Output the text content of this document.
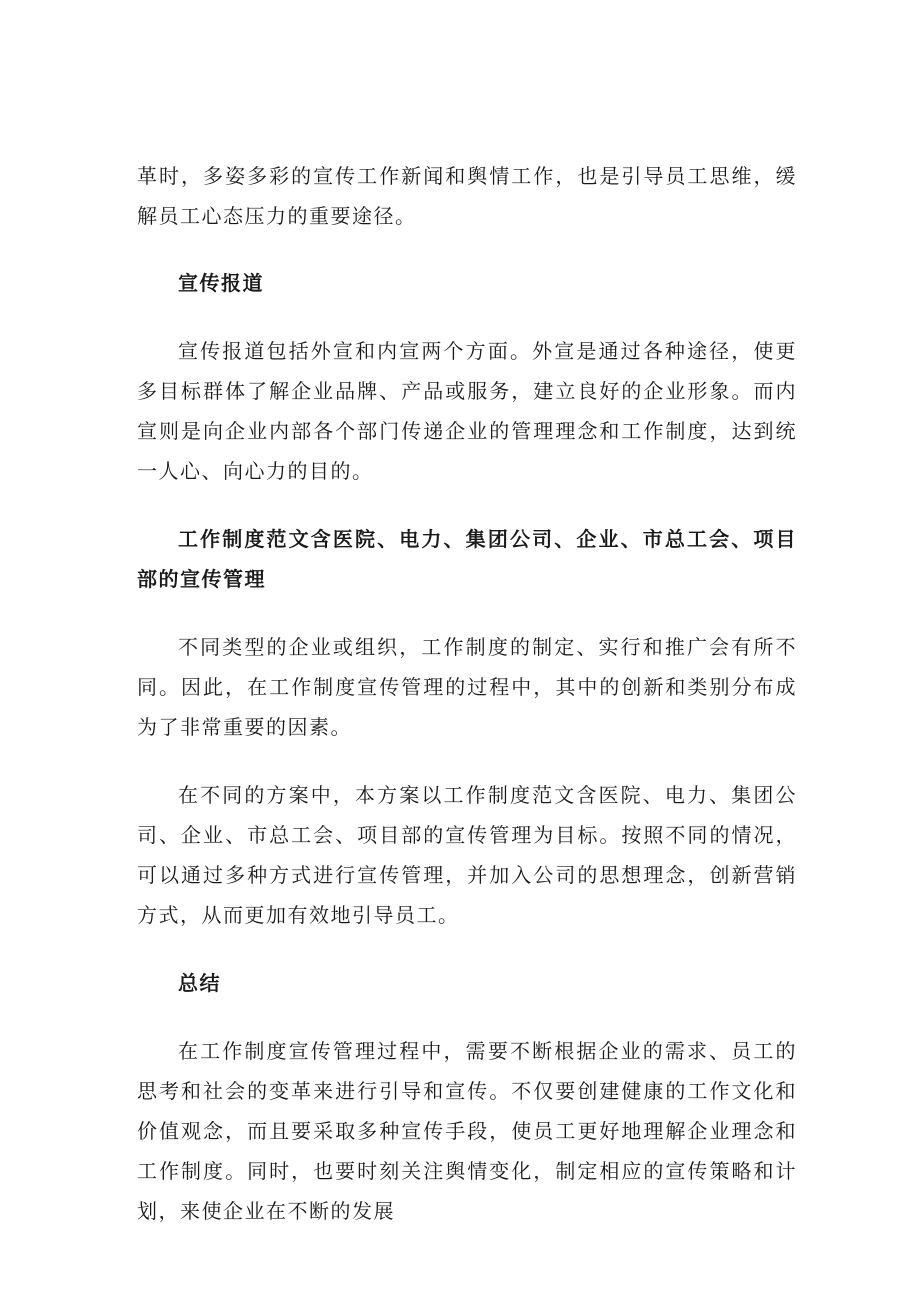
革时，多姿多彩的宣传工作新闻和舆情工作，也是引导员工思维，缓解员工心态压力的重要途径。

宣传报道

宣传报道包括外宣和内宣两个方面。外宣是通过各种途径，使更多目标群体了解企业品牌、产品或服务，建立良好的企业形象。而内宣则是向企业内部各个部门传递企业的管理理念和工作制度，达到统一人心、向心力的目的。

工作制度范文含医院、电力、集团公司、企业、市总工会、项目部的宣传管理

不同类型的企业或组织，工作制度的制定、实行和推广会有所不同。因此，在工作制度宣传管理的过程中，其中的创新和类别分布成为了非常重要的因素。

在不同的方案中，本方案以工作制度范文含医院、电力、集团公司、企业、市总工会、项目部的宣传管理为目标。按照不同的情况，可以通过多种方式进行宣传管理，并加入公司的思想理念，创新营销方式，从而更加有效地引导员工。

总结

在工作制度宣传管理过程中，需要不断根据企业的需求、员工的思考和社会的变革来进行引导和宣传。不仅要创建健康的工作文化和价值观念，而且要采取多种宣传手段，使员工更好地理解企业理念和工作制度。同时，也要时刻关注舆情变化，制定相应的宣传策略和计划，来使企业在不断的发展
